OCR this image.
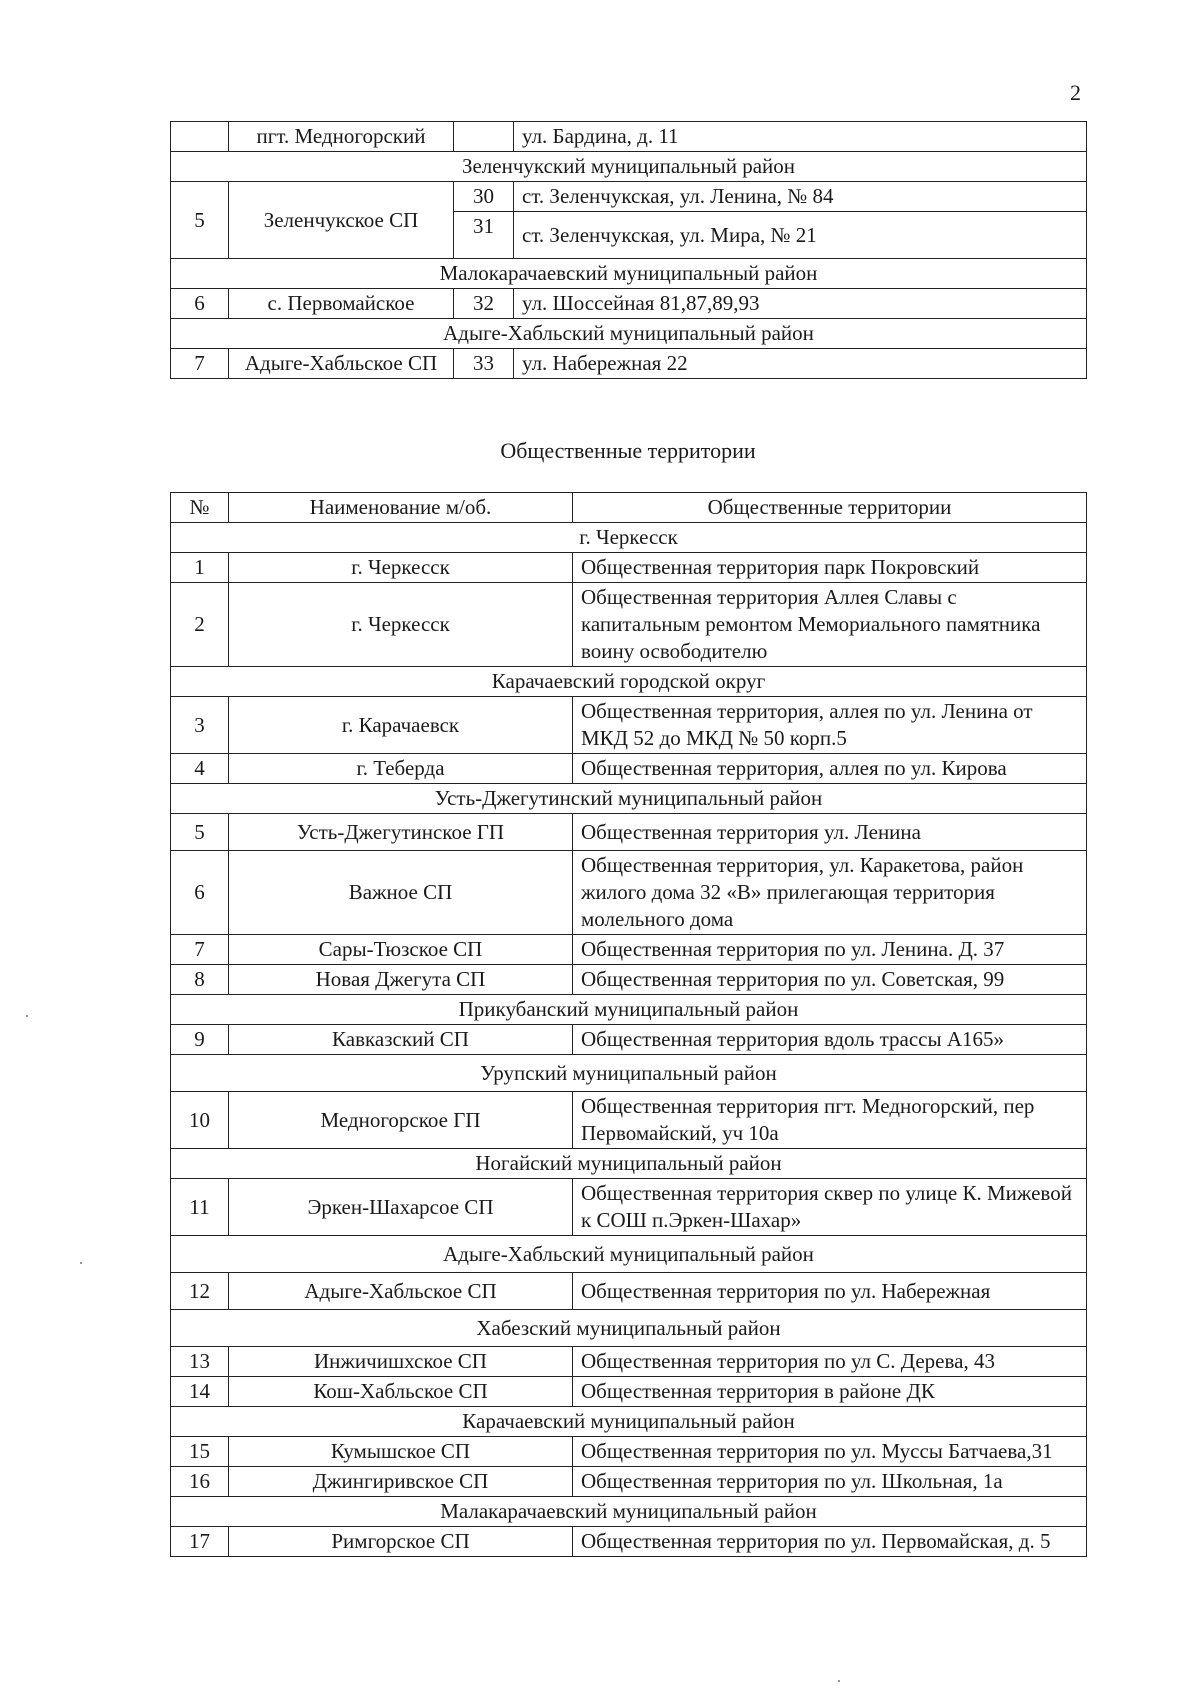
2
	пгт. Медногорский		ул. Бардина, д. 11
Зеленчукский муниципальный район			
5	Зеленчукское СП	30	ст. Зеленчукская, ул. Ленина, № 84
		31	ст. Зеленчукская, ул. Мира, № 21
Малокарачаевский муниципальный район			
6	с. Первомайское	32	ул. Шоссейная 81,87,89,93
Адыге-Хабльский муниципальный район			
7	Адыге-Хабльское СП	33	ул. Набережная 22
Общественные территории
№	Наименование м/об.	Общественные территории
г. Черкесск		
1	г. Черкесск	Общественная территория парк Покровский
2	г. Черкесск	Общественная территория Аллея Славы с капитальным ремонтом Мемориального памятника воину освободителю
Карачаевский городской округ		
3	г. Карачаевск	Общественная территория, аллея по ул. Ленина от МКД 52 до МКД № 50 корп.5
4	г. Теберда	Общественная территория, аллея по ул. Кирова
Усть-Джегутинский муниципальный район		
5	Усть-Джегутинское ГП	Общественная территория ул. Ленина
6	Важное СП	Общественная территория, ул. Каракетова, район жилого дома 32 «В» прилегающая территория молельного дома
7	Сары-Тюзское СП	Общественная территория по ул. Ленина. Д. 37
8	Новая Джегута СП	Общественная территория по ул. Советская, 99
Прикубанский муниципальный район		
9	Кавказский СП	Общественная территория вдоль трассы А165»
Урупский муниципальный район		
10	Медногорское ГП	Общественная территория пгт. Медногорский, пер Первомайский, уч 10а
Ногайский муниципальный район		
11	Эркен-Шахарсое СП	Общественная территория сквер по улице К. Мижевой к СОШ п.Эркен-Шахар»
Адыге-Хабльский муниципальный район		
12	Адыге-Хабльское СП	Общественная территория по ул. Набережная
Хабезский муниципальный район		
13	Инжичишхское СП	Общественная территория по ул С. Дерева, 43
14	Кош-Хабльское СП	Общественная территория в районе ДК
Карачаевский муниципальный район		
15	Кумышское СП	Общественная территория по ул. Муссы Батчаева,31
16	Джингиривское СП	Общественная территория по ул. Школьная, 1а
Малакарачаевский муниципальный район		
17	Римгорское СП	Общественная территория по ул. Первомайская, д. 5
